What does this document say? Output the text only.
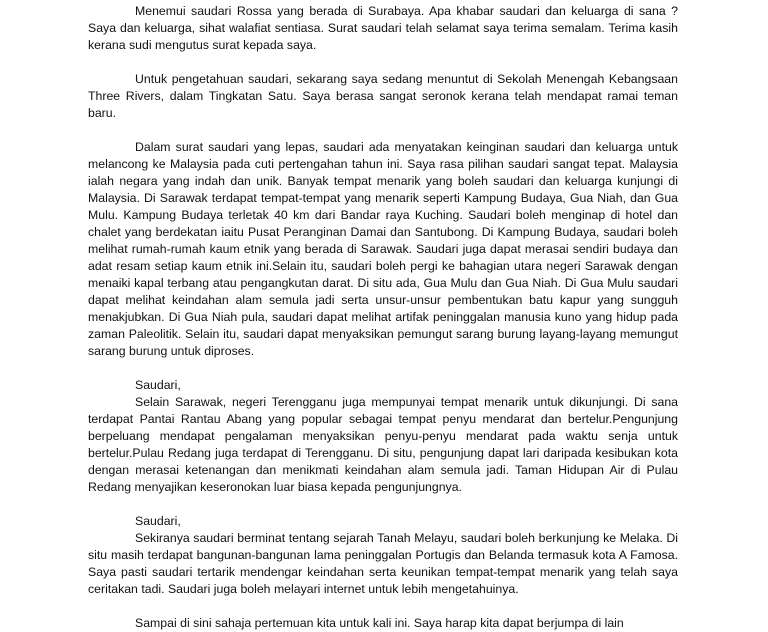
Menemui saudari Rossa yang berada di Surabaya. Apa khabar saudari dan keluarga di sana ? Saya dan keluarga, sihat walafiat sentiasa. Surat saudari telah selamat saya terima semalam. Terima kasih kerana sudi mengutus surat kepada saya.

Untuk pengetahuan saudari, sekarang saya sedang menuntut di Sekolah Menengah Kebangsaan Three Rivers, dalam Tingkatan Satu. Saya berasa sangat seronok kerana telah mendapat ramai teman baru.

Dalam surat saudari yang lepas, saudari ada menyatakan keinginan saudari dan keluarga untuk melancong ke Malaysia pada cuti pertengahan tahun ini. Saya rasa pilihan saudari sangat tepat. Malaysia ialah negara yang indah dan unik. Banyak tempat menarik yang boleh saudari dan keluarga kunjungi di Malaysia. Di Sarawak terdapat tempat-tempat yang menarik seperti Kampung Budaya, Gua Niah, dan Gua Mulu. Kampung Budaya terletak 40 km dari Bandar raya Kuching. Saudari boleh menginap di hotel dan chalet yang berdekatan iaitu Pusat Peranginan Damai dan Santubong. Di Kampung Budaya, saudari boleh melihat rumah-rumah kaum etnik yang berada di Sarawak. Saudari juga dapat merasai sendiri budaya dan adat resam setiap kaum etnik ini.Selain itu, saudari boleh pergi ke bahagian utara negeri Sarawak dengan menaiki kapal terbang atau pengangkutan darat. Di situ ada, Gua Mulu dan Gua Niah. Di Gua Mulu saudari dapat melihat keindahan alam semula jadi serta unsur-unsur pembentukan batu kapur yang sungguh menakjubkan. Di Gua Niah pula, saudari dapat melihat artifak peninggalan manusia kuno yang hidup pada zaman Paleolitik. Selain itu, saudari dapat menyaksikan pemungut sarang burung layang-layang memungut sarang burung untuk diproses.

Saudari,

Selain Sarawak, negeri Terengganu juga mempunyai tempat menarik untuk dikunjungi. Di sana terdapat Pantai Rantau Abang yang popular sebagai tempat penyu mendarat dan bertelur.Pengunjung berpeluang mendapat pengalaman menyaksikan penyu-penyu mendarat pada waktu senja untuk bertelur.Pulau Redang juga terdapat di Terengganu. Di situ, pengunjung dapat lari daripada kesibukan kota dengan merasai ketenangan dan menikmati keindahan alam semula jadi. Taman Hidupan Air di Pulau Redang menyajikan keseronokan luar biasa kepada pengunjungnya.

Saudari,

Sekiranya saudari berminat tentang sejarah Tanah Melayu, saudari boleh berkunjung ke Melaka. Di situ masih terdapat bangunan-bangunan lama peninggalan Portugis dan Belanda termasuk kota A Famosa. Saya pasti saudari tertarik mendengar keindahan serta keunikan tempat-tempat menarik yang telah saya ceritakan tadi. Saudari juga boleh melayari internet untuk lebih mengetahuinya.

Sampai di sini sahaja pertemuan kita untuk kali ini. Saya harap kita dapat berjumpa di lain
